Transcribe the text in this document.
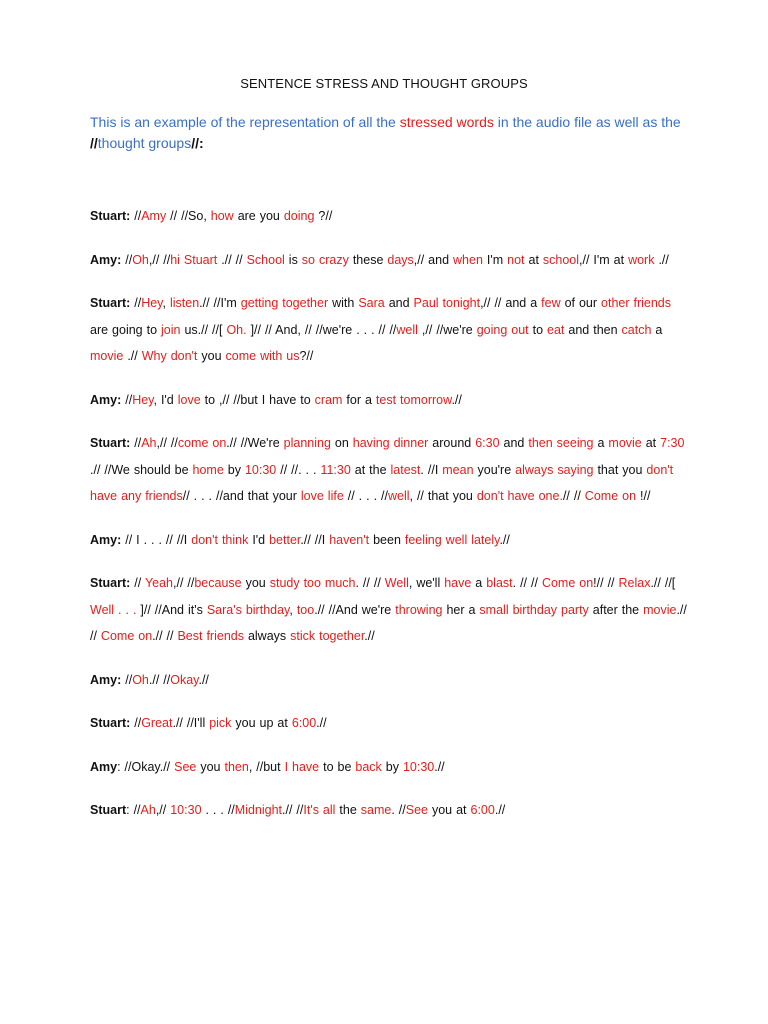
SENTENCE STRESS AND THOUGHT GROUPS
This is an example of the representation of all the stressed words in the audio file as well as the //thought groups//:
Stuart: //Amy // //So, how are you doing ?//
Amy: //Oh,// //hi Stuart .// // School is so crazy these days,// and when I'm not at school,// I'm at work .//
Stuart: //Hey, listen.// //I'm getting together with Sara and Paul tonight,// // and a few of our other friends are going to join us.// //[ Oh. ]// // And, // //we're . . . // //well ,// //we're going out to eat and then catch a movie .// Why don't you come with us?//
Amy: //Hey, I'd love to ,// //but I have to cram for a test tomorrow.//
Stuart: //Ah,// //come on.// //We're planning on having dinner around 6:30 and then seeing a movie at 7:30 .// //We should be home by 10:30 // //. . . 11:30 at the latest. //I mean you're always saying that you don't have any friends// . . . //and that your love life // . . . //well, // that you don't have one.// // Come on !//
Amy: // I . . . // //I don't think I'd better.// //I haven't been feeling well lately.//
Stuart: // Yeah,// //because you study too much. // // Well, we'll have a blast. // // Come on!// // Relax.// //[ Well . . . ]// //And it's Sara's birthday, too.// //And we're throwing her a small birthday party after the movie.// // Come on.// // Best friends always stick together.//
Amy: //Oh.// //Okay.//
Stuart: //Great.// //I'll pick you up at 6:00.//
Amy: //Okay.// See you then, //but I have to be back by 10:30.//
Stuart: //Ah,// 10:30 . . . //Midnight.// //It's all the same. //See you at 6:00.//
